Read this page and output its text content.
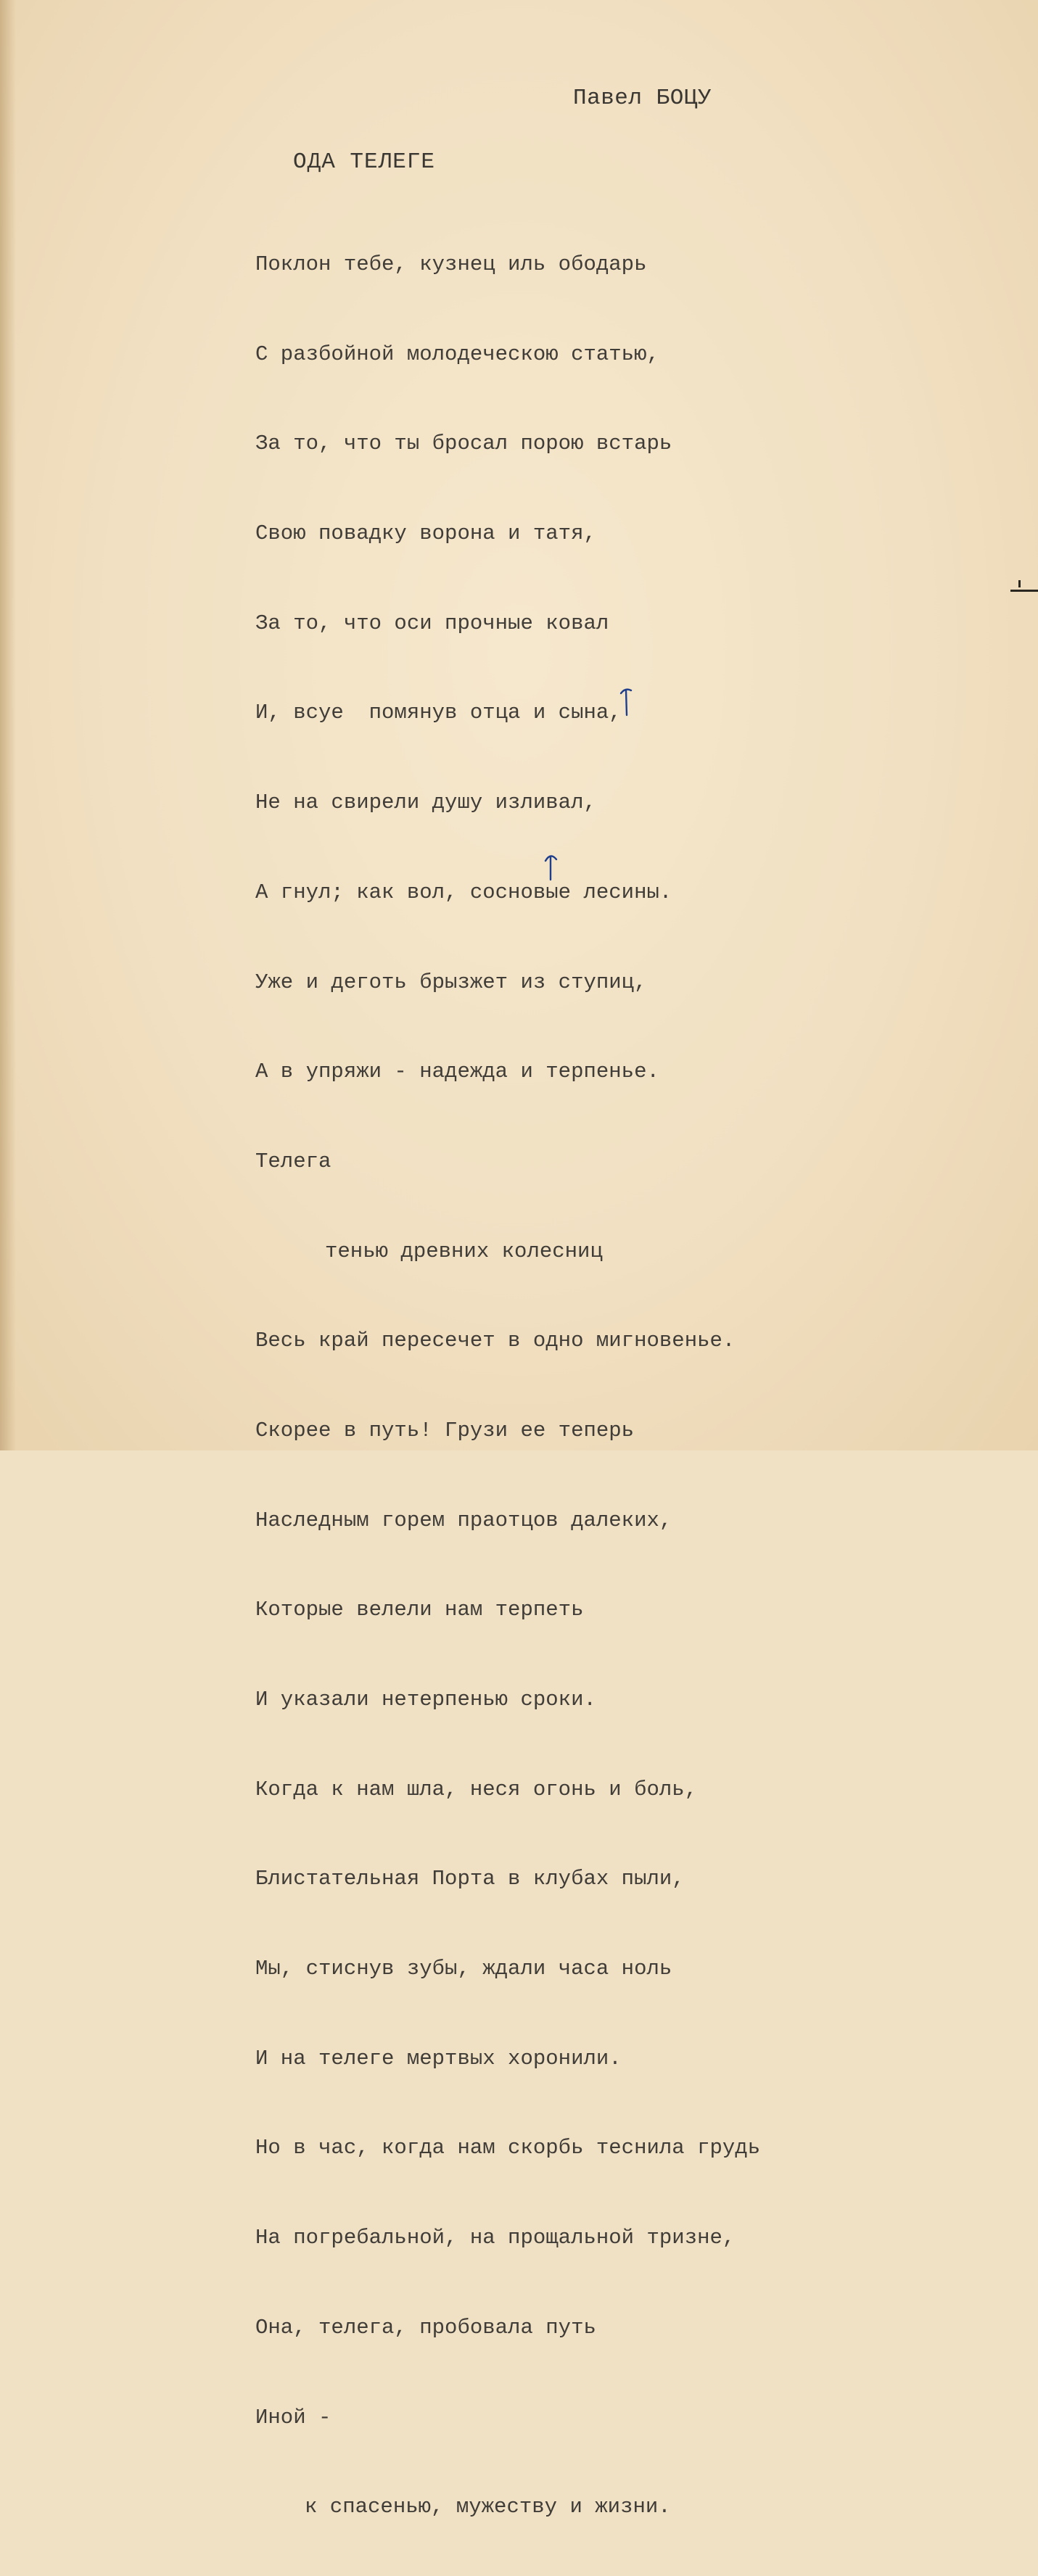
Павел БОЦУ
ОДА ТЕЛЕГЕ

Поклон тебе, кузнец иль ободарь

С разбойной молодеческою статью,

За то, что ты бросал порою встарь

Свою повадку ворона и татя,

За то, что оси прочные ковал

И, всуе  помянув отца и сына,

Не на свирели душу изливал,

А гнул; как вол, сосновые лесины.

Уже и деготь брызжет из ступиц,

А в упряжи - надежда и терпенье.

Телега

тенью древних колесниц

Весь край пересечет в одно мигновенье.

Скорее в путь! Грузи ее теперь

Наследным горем праотцов далеких,

Которые велели нам терпеть

И указали нетерпенью сроки.

Когда к нам шла, неся огонь и боль,

Блистательная Порта в клубах пыли,

Мы, стиснув зубы, ждали часа ноль

И на телеге мертвых хоронили.

Но в час, когда нам скорбь теснила грудь

На погребальной, на прощальной тризне,

Она, телега, пробовала путь

Иной -

к спасенью, мужеству и жизни.
